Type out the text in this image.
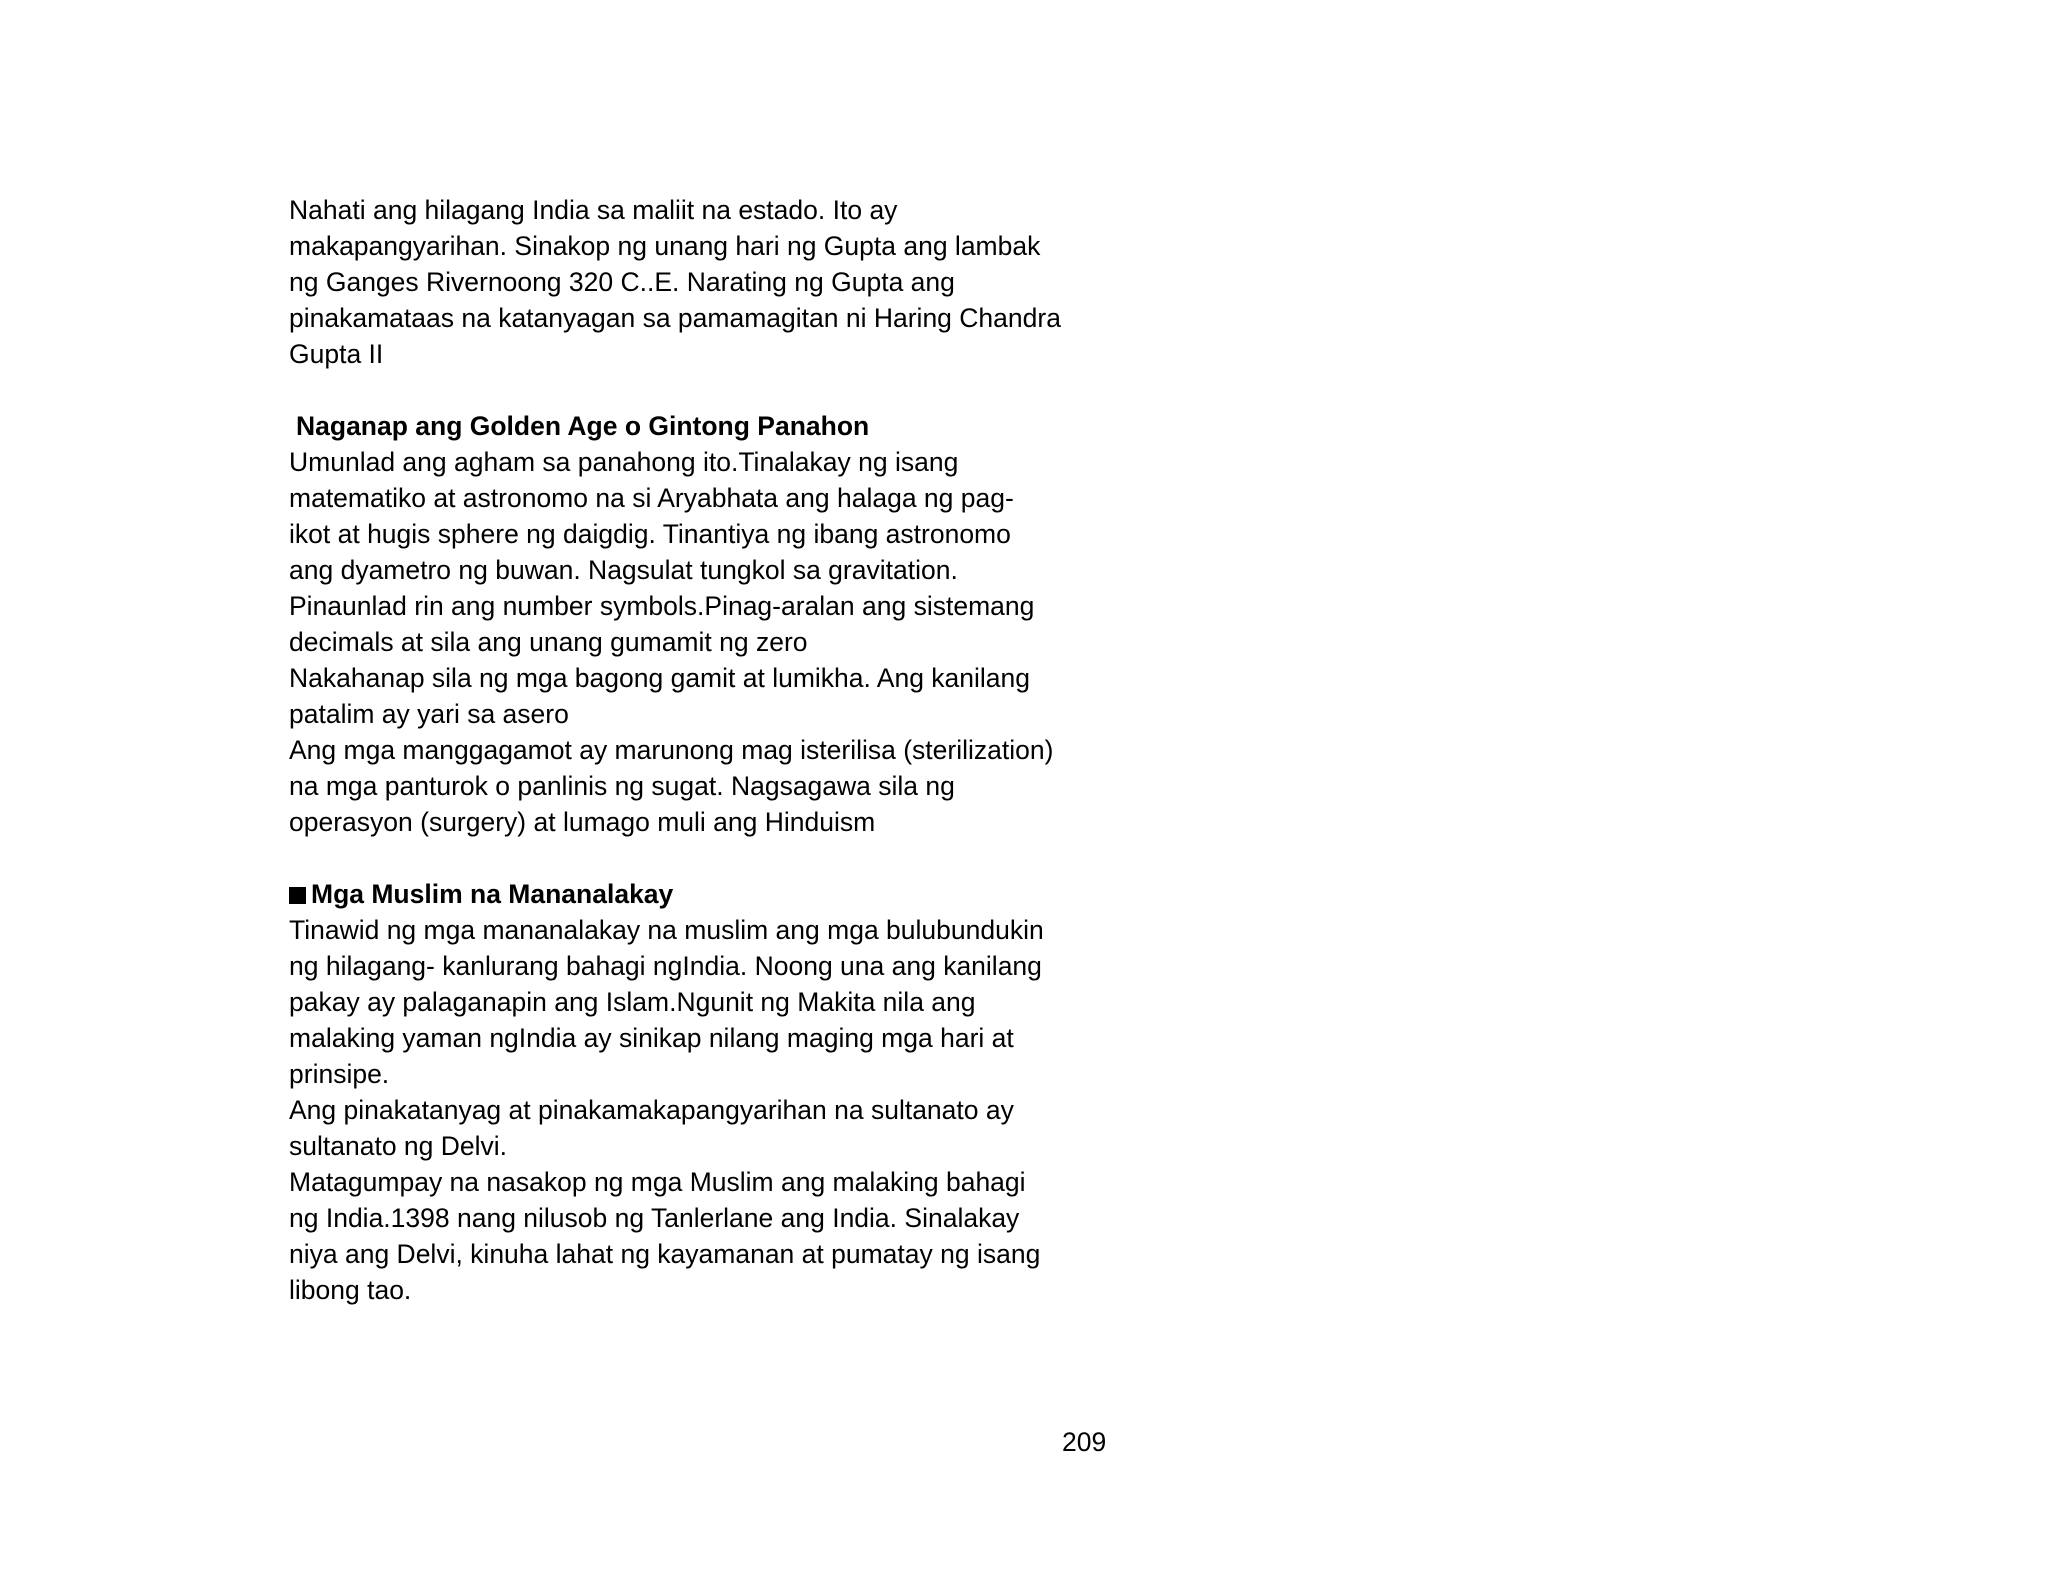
Nahati ang hilagang India sa maliit na estado. Ito ay
makapangyarihan. Sinakop ng unang hari ng Gupta ang lambak
ng Ganges Rivernoong 320 C..E. Narating ng Gupta ang
pinakamataas na katanyagan sa pamamagitan ni Haring Chandra
Gupta II
Naganap ang Golden Age o Gintong Panahon
Umunlad ang agham sa panahong ito.Tinalakay ng isang
matematiko at astronomo na si Aryabhata ang halaga ng pag-
ikot at hugis sphere ng daigdig. Tinantiya ng ibang astronomo
ang dyametro ng buwan. Nagsulat tungkol sa gravitation.
Pinaunlad rin ang number symbols.Pinag-aralan ang sistemang
decimals at sila ang unang gumamit ng zero
Nakahanap sila ng mga bagong gamit at lumikha. Ang kanilang
patalim ay yari sa asero
Ang mga manggagamot ay marunong mag isterilisa (sterilization)
na mga panturok o panlinis ng sugat. Nagsagawa sila ng
operasyon (surgery) at lumago muli ang Hinduism
Mga Muslim na Mananalakay
Tinawid ng mga mananalakay na muslim ang mga bulubundukin
ng hilagang- kanlurang bahagi ngIndia. Noong una ang kanilang
pakay ay palaganapin ang Islam.Ngunit ng Makita nila ang
malaking yaman ngIndia ay sinikap nilang maging mga hari at
prinsipe.
Ang pinakatanyag at pinakamakapangyarihan na sultanato ay
sultanato ng Delvi.
Matagumpay na nasakop ng mga Muslim ang malaking bahagi
ng India.1398 nang nilusob ng Tanlerlane ang India. Sinalakay
niya ang Delvi, kinuha lahat ng kayamanan at pumatay ng isang
libong tao.
209
